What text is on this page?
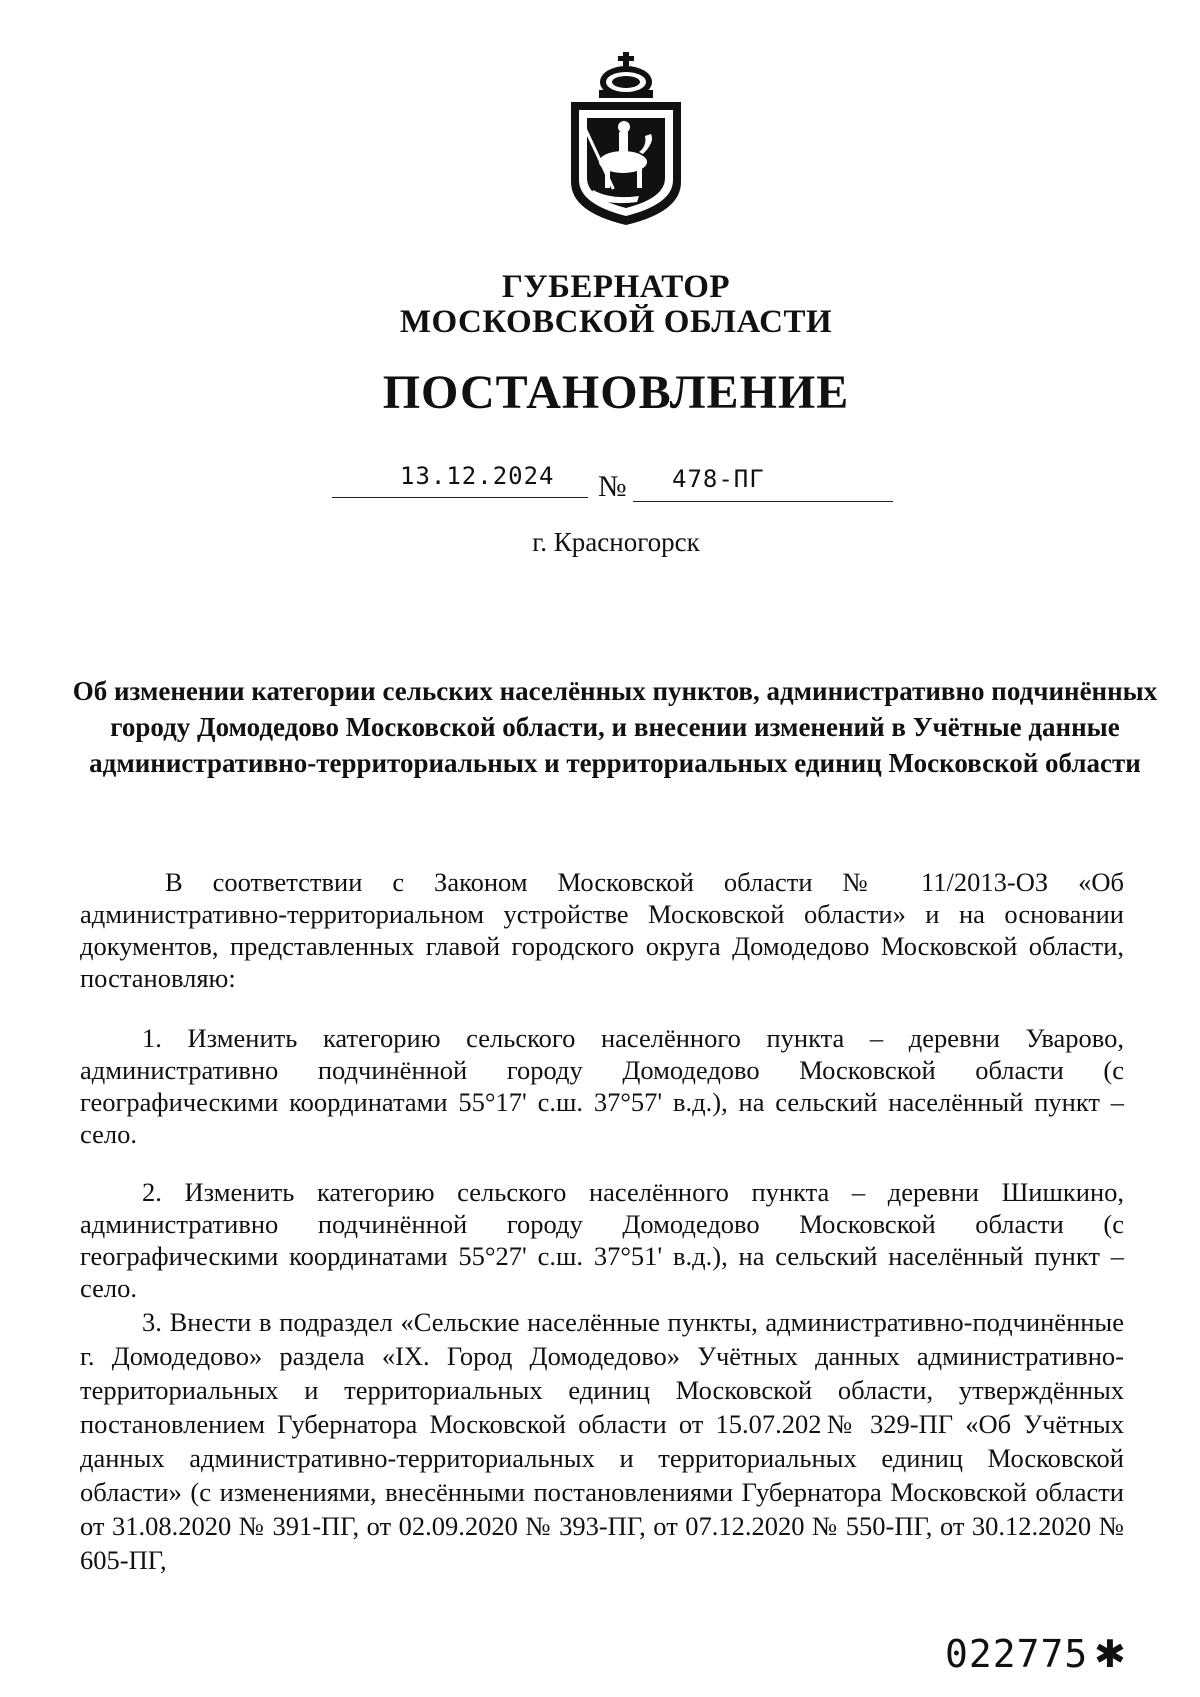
ГУБЕРНАТОР
МОСКОВСКОЙ ОБЛАСТИ
ПОСТАНОВЛЕНИЕ
13.12.2024 № 478-ПГ
г. Красногорск
Об изменении категории сельских населённых пунктов, административно подчинённых городу Домодедово Московской области, и внесении изменений в Учётные данные административно-территориальных и территориальных единиц Московской области
В соответствии с Законом Московской области № 11/2013-ОЗ «Об административно-территориальном устройстве Московской области» и на основании документов, представленных главой городского округа Домодедово Московской области, постановляю:
1. Изменить категорию сельского населённого пункта – деревни Уварово, административно подчинённой городу Домодедово Московской области (с географическими координатами 55°17' с.ш. 37°57' в.д.), на сельский населённый пункт – село.
2. Изменить категорию сельского населённого пункта – деревни Шишкино, административно подчинённой городу Домодедово Московской области (с географическими координатами 55°27' с.ш. 37°51' в.д.), на сельский населённый пункт – село.
3. Внести в подраздел «Сельские населённые пункты, административно-подчинённые г. Домодедово» раздела «IX. Город Домодедово» Учётных данных административно-территориальных и территориальных единиц Московской области, утверждённых постановлением Губернатора Московской области от 15.07.202№ 329-ПГ «Об Учётных данных административно-территориальных и территориальных единиц Московской области» (с изменениями, внесёнными постановлениями Губернатора Московской области от 31.08.2020 № 391-ПГ, от 02.09.2020 № 393-ПГ, от 07.12.2020 № 550-ПГ, от 30.12.2020 № 605-ПГ,
022775 ✱
